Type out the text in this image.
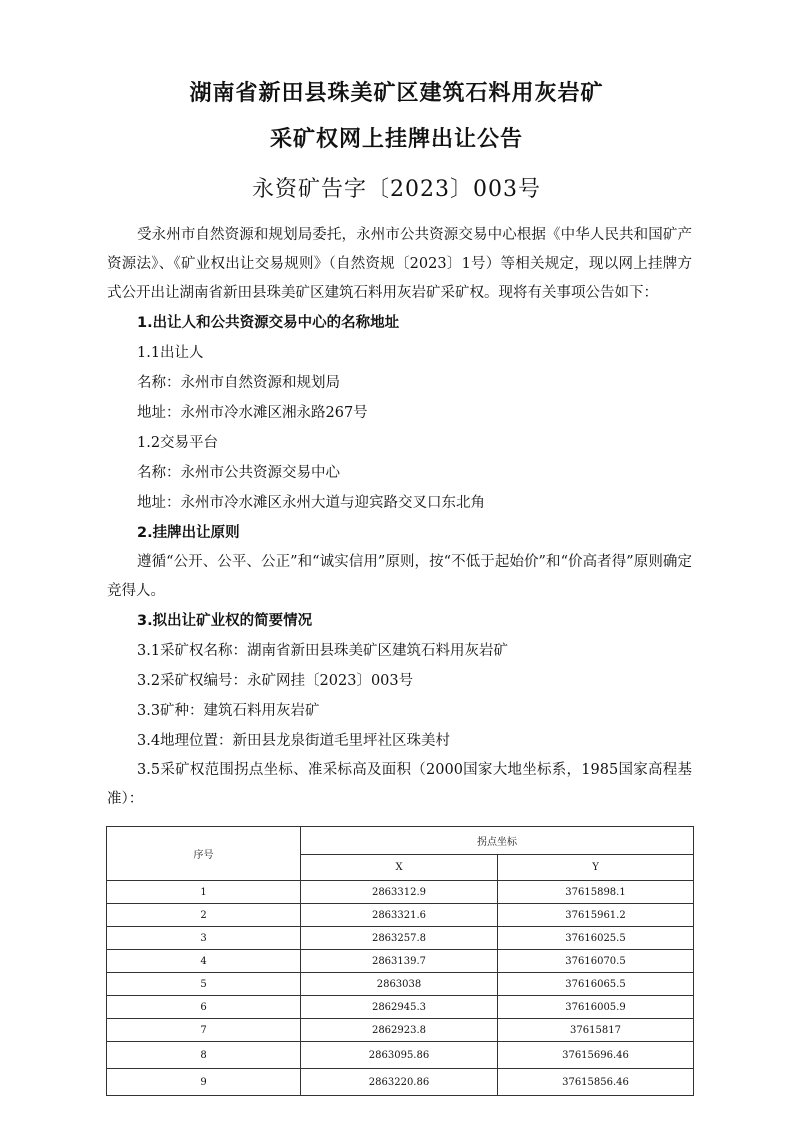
湖南省新田县珠美矿区建筑石料用灰岩矿
采矿权网上挂牌出让公告
永资矿告字〔2023〕003号

受永州市自然资源和规划局委托，永州市公共资源交易中心根据《中华人民共和国矿产资源法》、《矿业权出让交易规则》（自然资规〔2023〕1号）等相关规定，现以网上挂牌方式公开出让湖南省新田县珠美矿区建筑石料用灰岩矿采矿权。现将有关事项公告如下：

1.出让人和公共资源交易中心的名称地址

1.1出让人

名称：永州市自然资源和规划局

地址：永州市冷水滩区湘永路267号

1.2交易平台

名称：永州市公共资源交易中心

地址：永州市冷水滩区永州大道与迎宾路交叉口东北角

2.挂牌出让原则

遵循“公开、公平、公正”和“诚实信用”原则，按“不低于起始价”和“价高者得”原则确定竞得人。

3.拟出让矿业权的简要情况

3.1采矿权名称：湖南省新田县珠美矿区建筑石料用灰岩矿

3.2采矿权编号：永矿网挂〔2023〕003号

3.3矿种：建筑石料用灰岩矿

3.4地理位置：新田县龙泉街道毛里坪社区珠美村

3.5采矿权范围拐点坐标、准采标高及面积（2000国家大地坐标系，1985国家高程基准）：

序号	拐点坐标	
	X	Y
1	2863312.9	37615898.1
2	2863321.6	37615961.2
3	2863257.8	37616025.5
4	2863139.7	37616070.5
5	2863038	37616065.5
6	2862945.3	37616005.9
7	2862923.8	37615817
8	2863095.86	37615696.46
9	2863220.86	37615856.46
